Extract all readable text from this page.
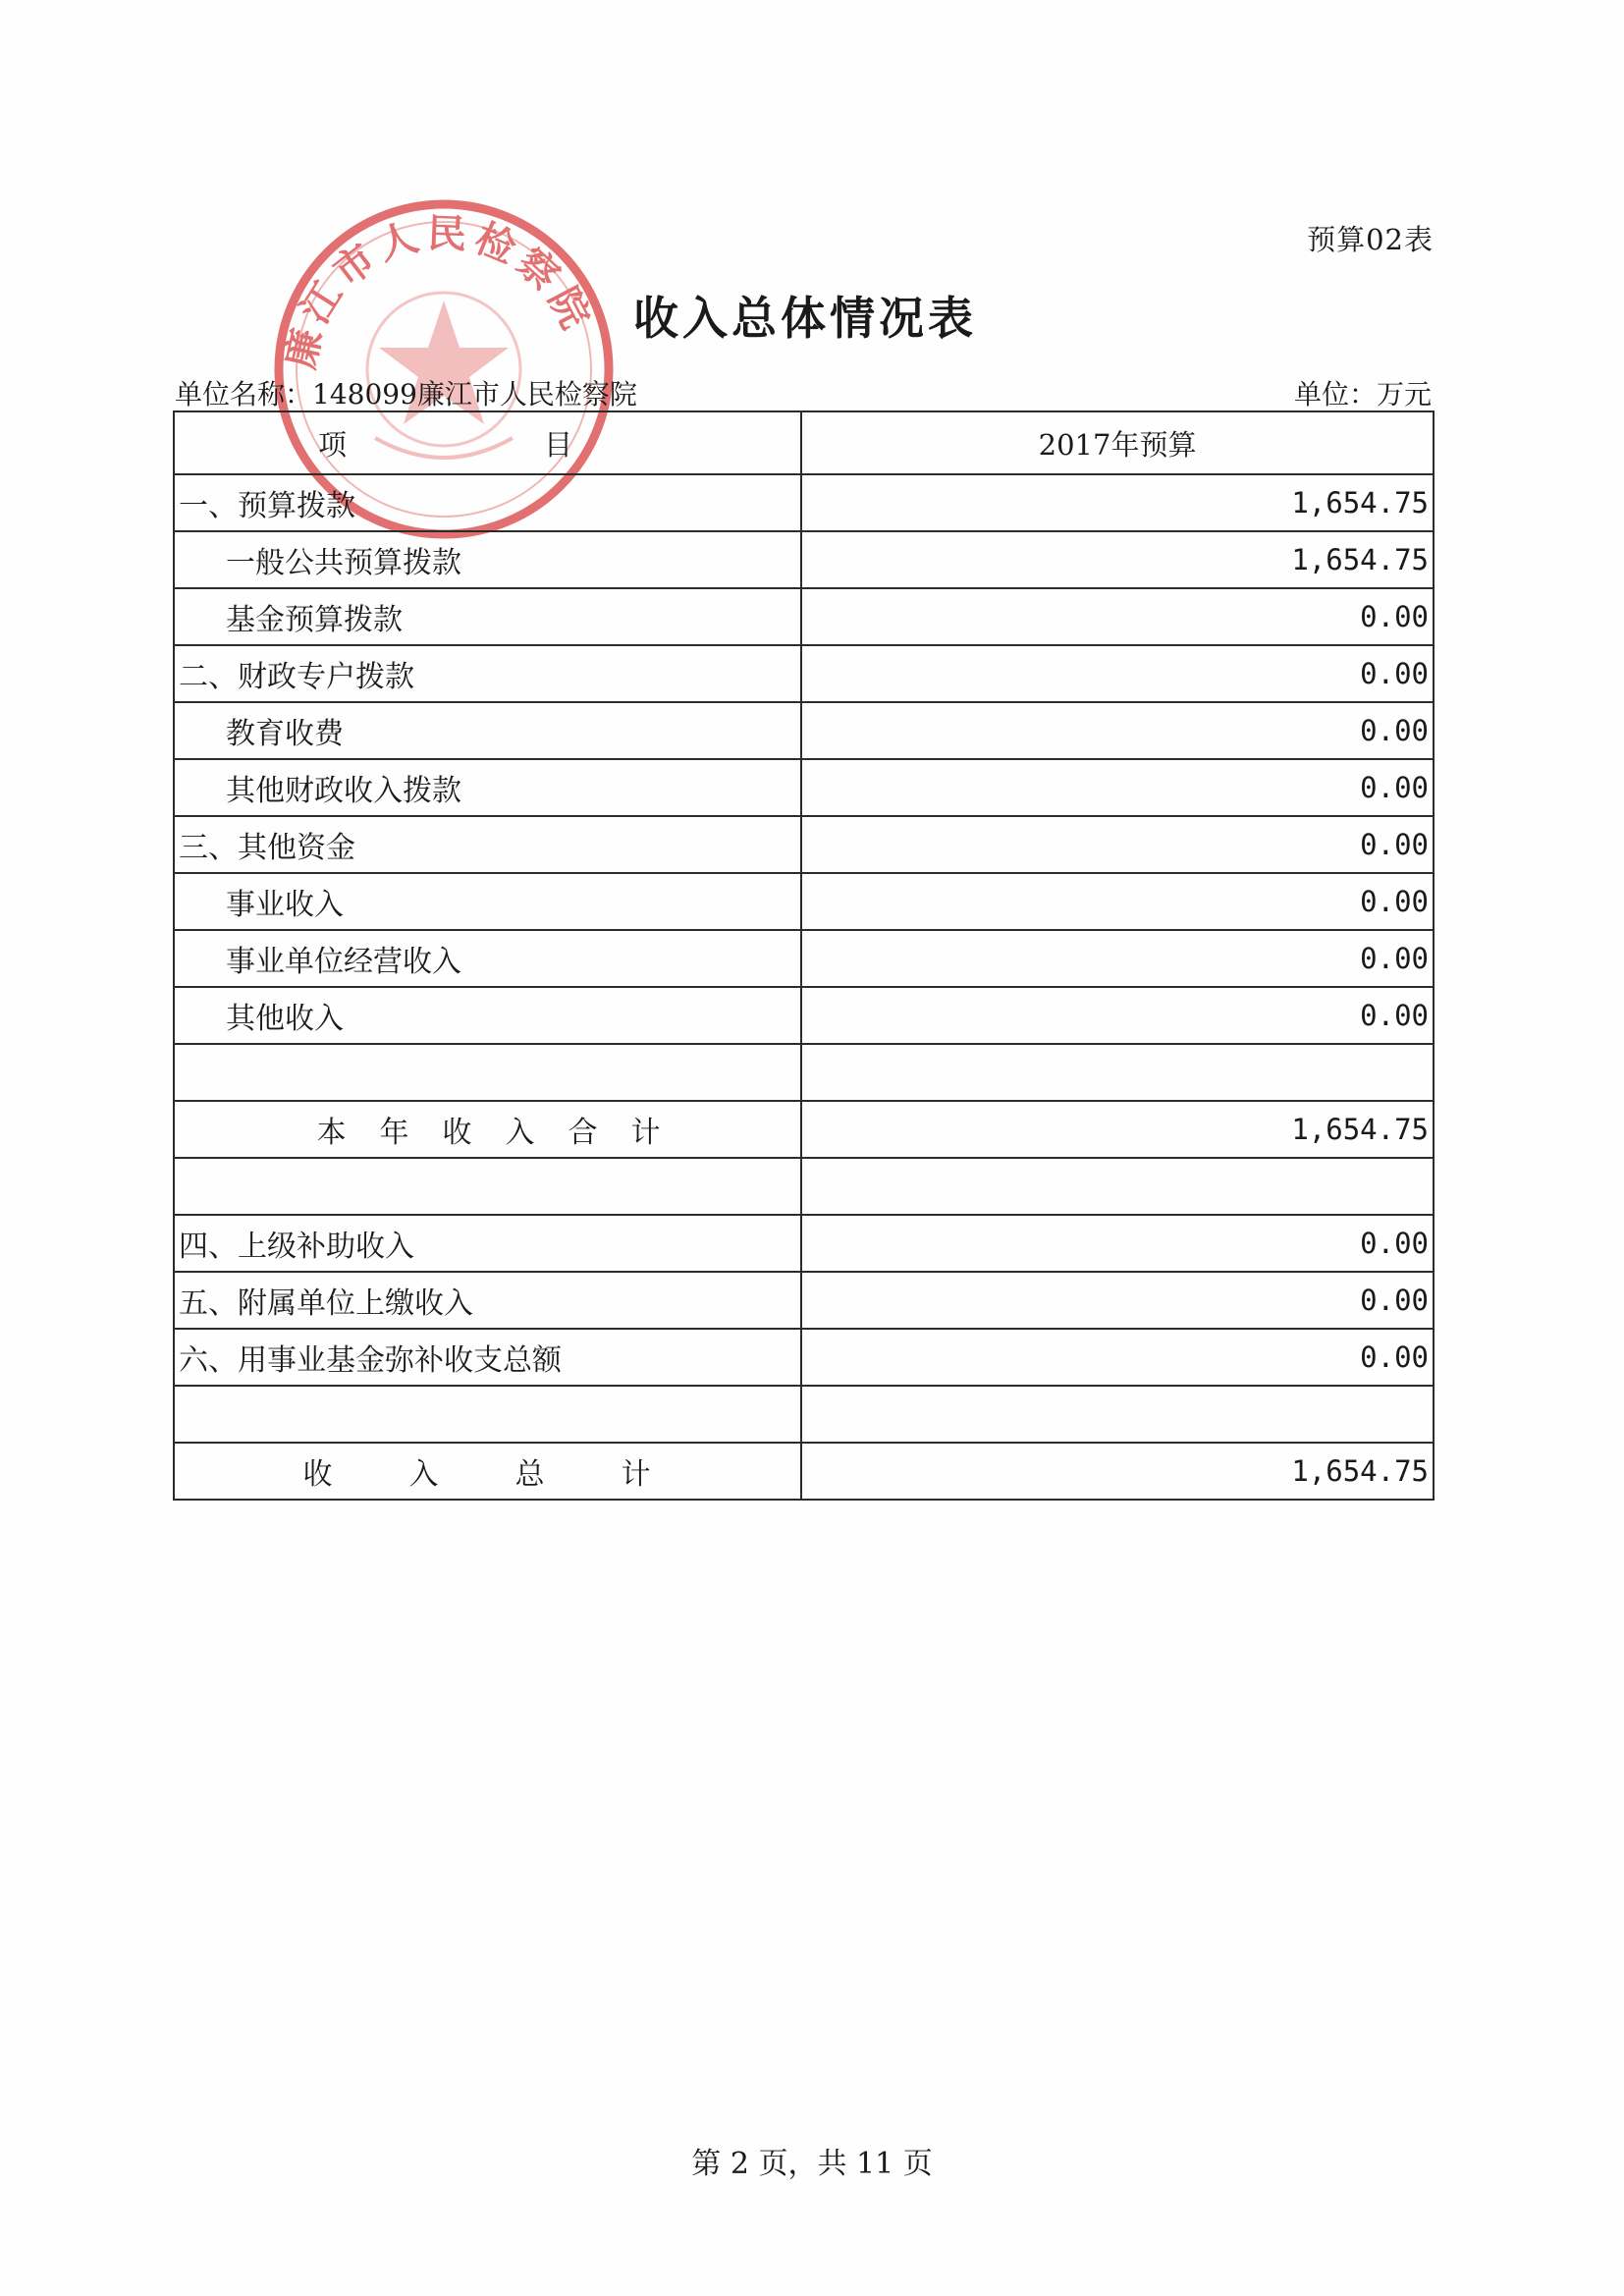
廉江市人民检察院
预算02表
收入总体情况表
单位名称：148099廉江市人民检察院	单位：万元
项　目	2017年预算
一、预算拨款	1,654.75
一般公共预算拨款	1,654.75
基金预算拨款	0.00
二、财政专户拨款	0.00
教育收费	0.00
其他财政收入拨款	0.00
三、其他资金	0.00
事业收入	0.00
事业单位经营收入	0.00
其他收入	0.00

本年收入合计	1,654.75

四、上级补助收入	0.00
五、附属单位上缴收入	0.00
六、用事业基金弥补收支总额	0.00

收入总计	1,654.75
第 2 页，共 11 页
